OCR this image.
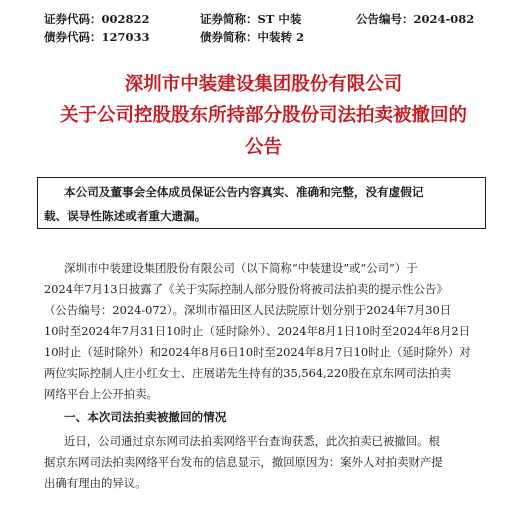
证券代码：002822	证券简称：ST 中装	公告编号：2024-082
债券代码：127033	债券简称：中装转 2
深圳市中装建设集团股份有限公司
关于公司控股股东所持部分股份司法拍卖被撤回的
公告
本公司及董事会全体成员保证公告内容真实、准确和完整，没有虚假记
载、误导性陈述或者重大遗漏。
深圳市中装建设集团股份有限公司（以下简称“中装建设”或“公司”）于
2024年7月13日披露了《关于实际控制人部分股份将被司法拍卖的提示性公告》
（公告编号：2024-072）。深圳市福田区人民法院原计划分别于2024年7月30日
10时至2024年7月31日10时止（延时除外）、2024年8月1日10时至2024年8月2日
10时止（延时除外）和2024年8月6日10时至2024年8月7日10时止（延时除外）对
两位实际控制人庄小红女士、庄展诺先生持有的35,564,220股在京东网司法拍卖
网络平台上公开拍卖。
一、本次司法拍卖被撤回的情况
近日，公司通过京东网司法拍卖网络平台查询获悉，此次拍卖已被撤回。根
据京东网司法拍卖网络平台发布的信息显示，撤回原因为：案外人对拍卖财产提
出确有理由的异议。
